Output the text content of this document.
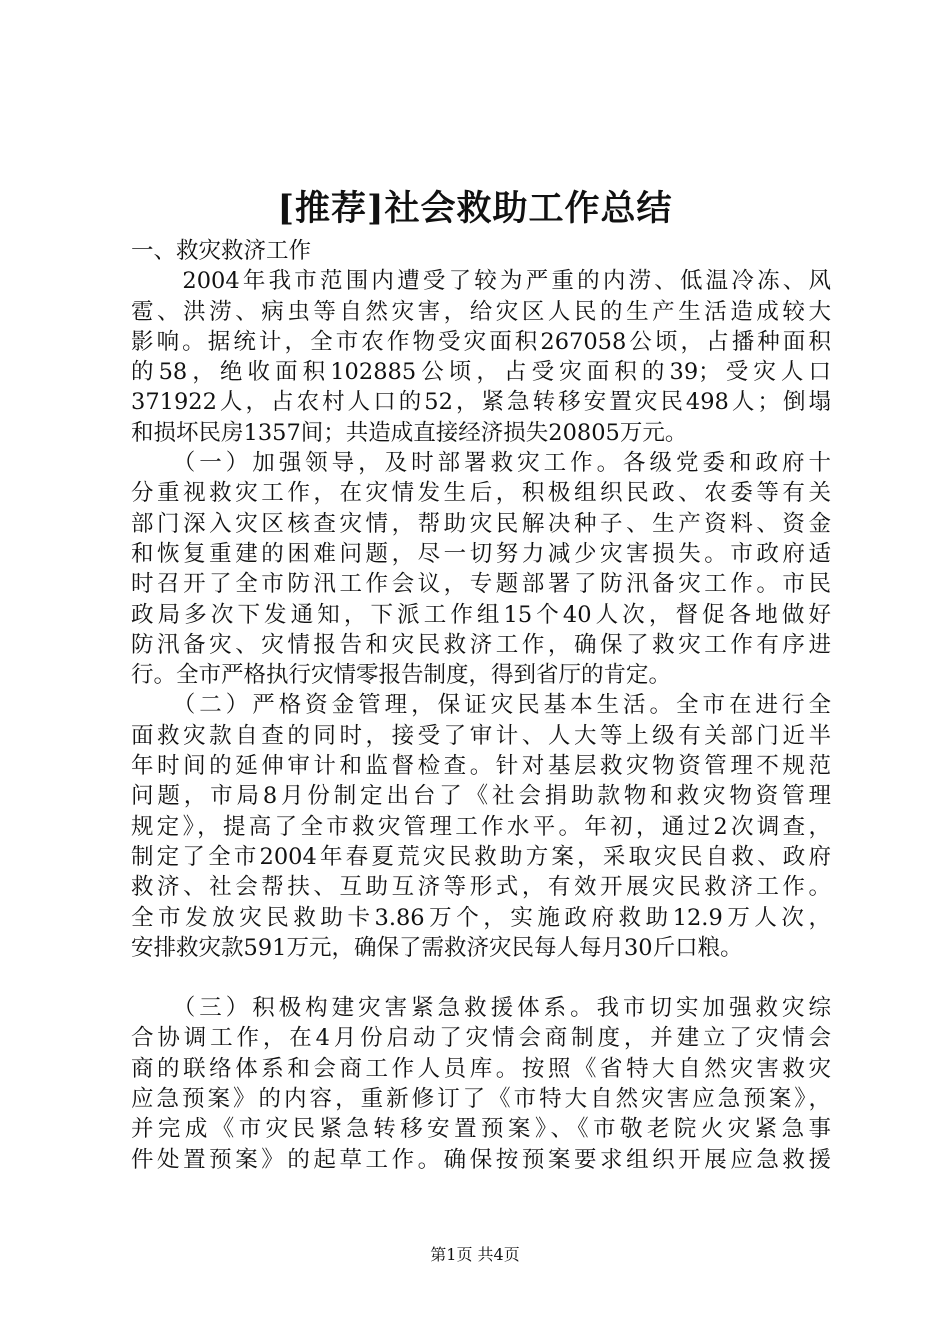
[推荐]社会救助工作总结
一、救灾救济工作

　　2004年我市范围内遭受了较为严重的内涝、低温冷冻、风
雹、洪涝、病虫等自然灾害，给灾区人民的生产生活造成较大
影响。据统计，全市农作物受灾面积267058公顷，占播种面积
的58，绝收面积102885公顷，占受灾面积的39；受灾人口
371922人，占农村人口的52，紧急转移安置灾民498人；倒塌
和损坏民房1357间；共造成直接经济损失20805万元。

　　（一）加强领导，及时部署救灾工作。各级党委和政府十
分重视救灾工作，在灾情发生后，积极组织民政、农委等有关
部门深入灾区核查灾情，帮助灾民解决种子、生产资料、资金
和恢复重建的困难问题，尽一切努力减少灾害损失。市政府适
时召开了全市防汛工作会议，专题部署了防汛备灾工作。市民
政局多次下发通知，下派工作组15个40人次，督促各地做好
防汛备灾、灾情报告和灾民救济工作，确保了救灾工作有序进
行。全市严格执行灾情零报告制度，得到省厅的肯定。

　　（二）严格资金管理，保证灾民基本生活。全市在进行全
面救灾款自查的同时，接受了审计、人大等上级有关部门近半
年时间的延伸审计和监督检查。针对基层救灾物资管理不规范
问题，市局8月份制定出台了《社会捐助款物和救灾物资管理
规定》，提高了全市救灾管理工作水平。年初，通过2次调查，
制定了全市2004年春夏荒灾民救助方案，采取灾民自救、政府
救济、社会帮扶、互助互济等形式，有效开展灾民救济工作。
全市发放灾民救助卡3.86万个，实施政府救助12.9万人次，
安排救灾款591万元，确保了需救济灾民每人每月30斤口粮。

　　（三）积极构建灾害紧急救援体系。我市切实加强救灾综
合协调工作，在4月份启动了灾情会商制度，并建立了灾情会
商的联络体系和会商工作人员库。按照《省特大自然灾害救灾
应急预案》的内容，重新修订了《市特大自然灾害应急预案》，
并完成《市灾民紧急转移安置预案》、《市敬老院火灾紧急事
件处置预案》的起草工作。确保按预案要求组织开展应急救援

第1页 共4页
